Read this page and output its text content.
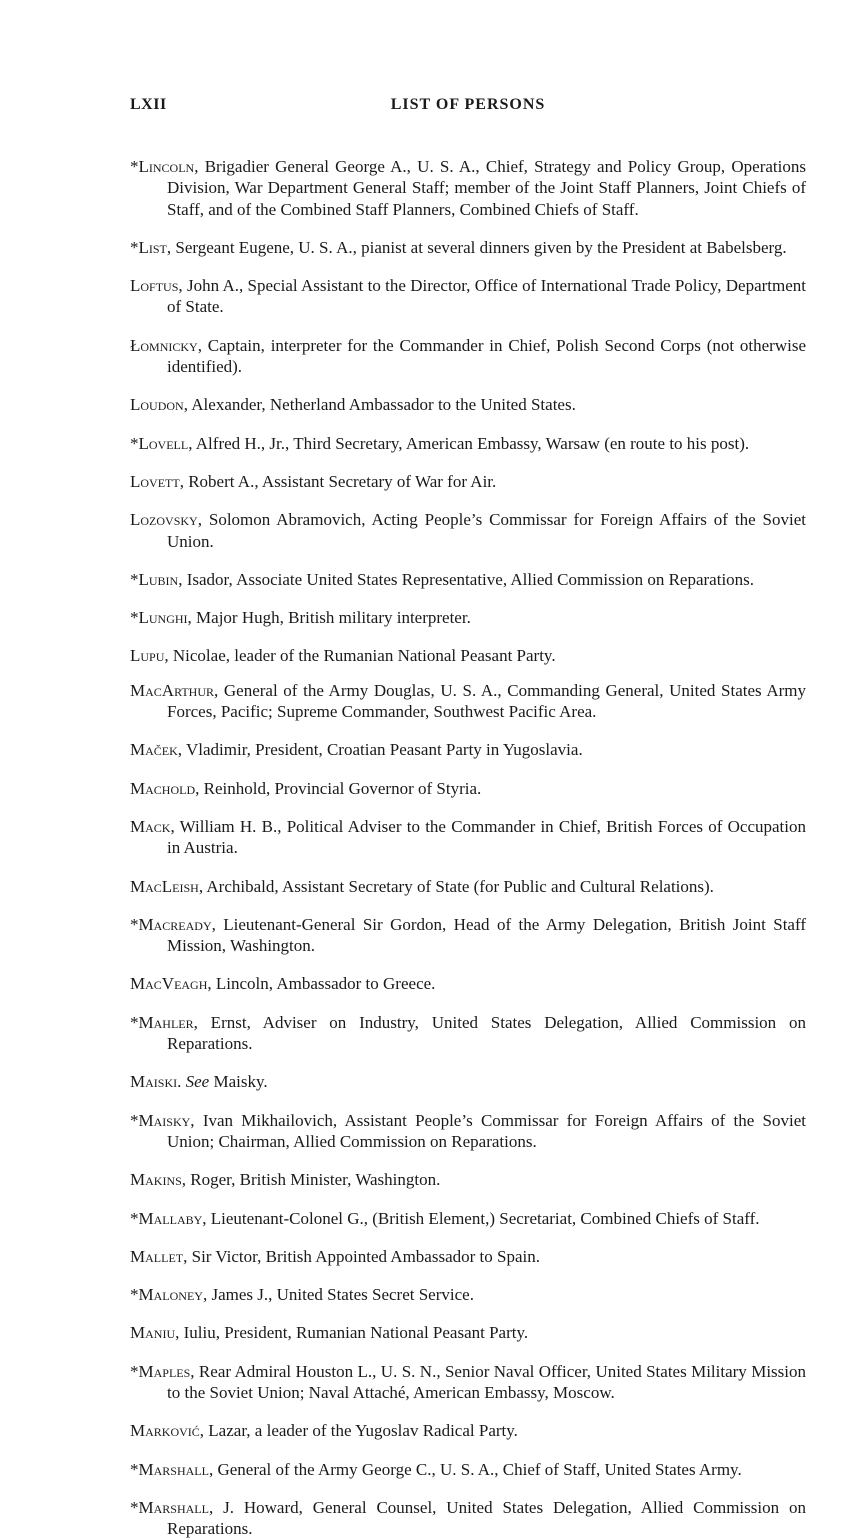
LXII	LIST OF PERSONS

*Lincoln, Brigadier General George A., U. S. A., Chief, Strategy and Policy Group, Operations Division, War Department General Staff; member of the Joint Staff Planners, Joint Chiefs of Staff, and of the Combined Staff Planners, Combined Chiefs of Staff.

*List, Sergeant Eugene, U. S. A., pianist at several dinners given by the President at Babelsberg.

Loftus, John A., Special Assistant to the Director, Office of International Trade Policy, Department of State.

Łomnicky, Captain, interpreter for the Commander in Chief, Polish Second Corps (not otherwise identified).

Loudon, Alexander, Netherland Ambassador to the United States.

*Lovell, Alfred H., Jr., Third Secretary, American Embassy, Warsaw (en route to his post).

Lovett, Robert A., Assistant Secretary of War for Air.

Lozovsky, Solomon Abramovich, Acting People’s Commissar for Foreign Affairs of the Soviet Union.

*Lubin, Isador, Associate United States Representative, Allied Commission on Reparations.

*Lunghi, Major Hugh, British military interpreter.

Lupu, Nicolae, leader of the Rumanian National Peasant Party.

MacArthur, General of the Army Douglas, U. S. A., Commanding General, United States Army Forces, Pacific; Supreme Commander, Southwest Pacific Area.

Maček, Vladimir, President, Croatian Peasant Party in Yugoslavia.

Machold, Reinhold, Provincial Governor of Styria.

Mack, William H. B., Political Adviser to the Commander in Chief, British Forces of Occupation in Austria.

MacLeish, Archibald, Assistant Secretary of State (for Public and Cultural Relations).

*Macready, Lieutenant-General Sir Gordon, Head of the Army Delegation, British Joint Staff Mission, Washington.

MacVeagh, Lincoln, Ambassador to Greece.

*Mahler, Ernst, Adviser on Industry, United States Delegation, Allied Commission on Reparations.

Maiski. See Maisky.

*Maisky, Ivan Mikhailovich, Assistant People’s Commissar for Foreign Affairs of the Soviet Union; Chairman, Allied Commission on Reparations.

Makins, Roger, British Minister, Washington.

*Mallaby, Lieutenant-Colonel G., (British Element,) Secretariat, Combined Chiefs of Staff.

Mallet, Sir Victor, British Appointed Ambassador to Spain.

*Maloney, James J., United States Secret Service.

Maniu, Iuliu, President, Rumanian National Peasant Party.

*Maples, Rear Admiral Houston L., U. S. N., Senior Naval Officer, United States Military Mission to the Soviet Union; Naval Attaché, American Embassy, Moscow.

Marković, Lazar, a leader of the Yugoslav Radical Party.

*Marshall, General of the Army George C., U. S. A., Chief of Staff, United States Army.

*Marshall, J. Howard, General Counsel, United States Delegation, Allied Commission on Reparations.
